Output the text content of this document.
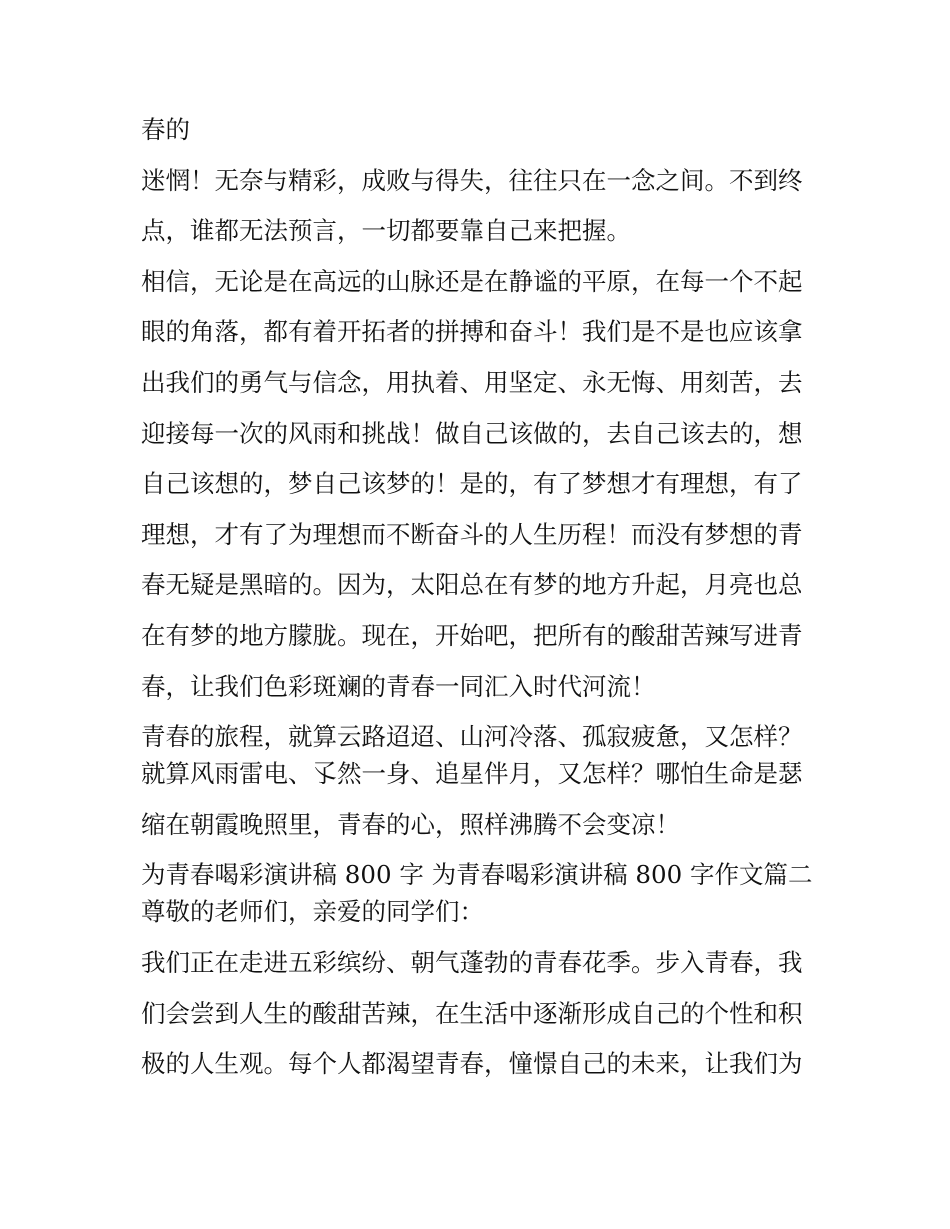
春的
迷惘！无奈与精彩，成败与得失，往往只在一念之间。不到终
点，谁都无法预言，一切都要靠自己来把握。
相信，无论是在高远的山脉还是在静谧的平原，在每一个不起
眼的角落，都有着开拓者的拼搏和奋斗！我们是不是也应该拿
出我们的勇气与信念，用执着、用坚定、永无悔、用刻苦，去
迎接每一次的风雨和挑战！做自己该做的，去自己该去的，想
自己该想的，梦自己该梦的！是的，有了梦想才有理想，有了
理想，才有了为理想而不断奋斗的人生历程！而没有梦想的青
春无疑是黑暗的。因为，太阳总在有梦的地方升起，月亮也总
在有梦的地方朦胧。现在，开始吧，把所有的酸甜苦辣写进青
春，让我们色彩斑斓的青春一同汇入时代河流！
青春的旅程，就算云路迢迢、山河冷落、孤寂疲惫，又怎样？
就算风雨雷电、孓然一身、追星伴月，又怎样？哪怕生命是瑟
缩在朝霞晚照里，青春的心，照样沸腾不会变凉！
为青春喝彩演讲稿 800 字 为青春喝彩演讲稿 800 字作文篇二
尊敬的老师们，亲爱的同学们：
我们正在走进五彩缤纷、朝气蓬勃的青春花季。步入青春，我
们会尝到人生的酸甜苦辣，在生活中逐渐形成自己的个性和积
极的人生观。每个人都渴望青春，憧憬自己的未来，让我们为
